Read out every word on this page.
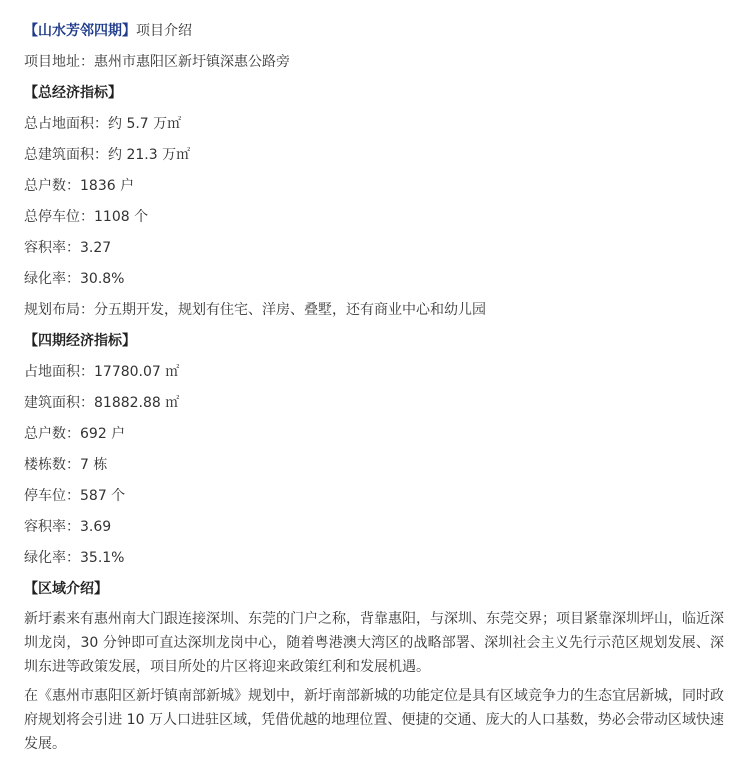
【山水芳邻四期】项目介绍
项目地址：惠州市惠阳区新圩镇深惠公路旁
【总经济指标】
总占地面积：约 5.7 万㎡
总建筑面积：约 21.3 万㎡
总户数：1836 户
总停车位：1108 个
容积率：3.27
绿化率：30.8%
规划布局：分五期开发，规划有住宅、洋房、叠墅，还有商业中心和幼儿园
【四期经济指标】
占地面积：17780.07 ㎡
建筑面积：81882.88 ㎡
总户数：692 户
楼栋数：7 栋
停车位：587 个
容积率：3.69
绿化率：35.1%
【区域介绍】
新圩素来有惠州南大门跟连接深圳、东莞的门户之称，背靠惠阳，与深圳、东莞交界；项目紧靠深圳坪山，临近深圳龙岗，30 分钟即可直达深圳龙岗中心，随着粤港澳大湾区的战略部署、深圳社会主义先行示范区规划发展、深圳东进等政策发展，项目所处的片区将迎来政策红利和发展机遇。
在《惠州市惠阳区新圩镇南部新城》规划中，新圩南部新城的功能定位是具有区域竞争力的生态宜居新城，同时政府规划将会引进 10 万人口进驻区域，凭借优越的地理位置、便捷的交通、庞大的人口基数，势必会带动区域快速发展。
